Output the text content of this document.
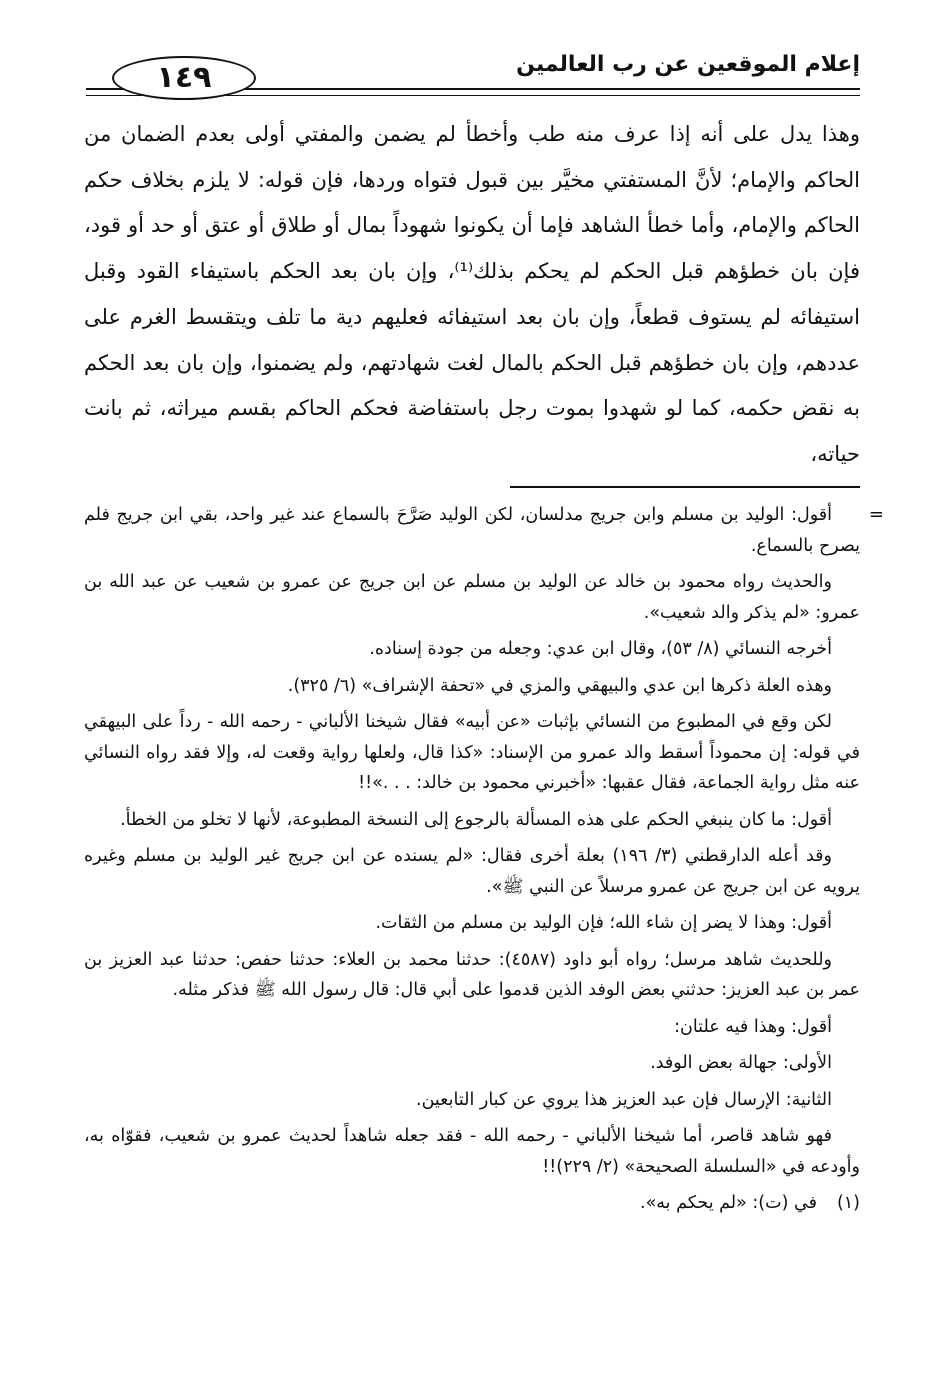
١٤٩	إعلام الموقعين عن رب العالمين

وهذا يدل على أنه إذا عرف منه طب وأخطأ لم يضمن والمفتي أولى بعدم الضمان من الحاكم والإمام؛ لأنَّ المستفتي مخيَّر بين قبول فتواه وردها، فإن قوله: لا يلزم بخلاف حكم الحاكم والإمام، وأما خطأ الشاهد فإما أن يكونوا شهوداً بمال أو طلاق أو عتق أو حد أو قود، فإن بان خطؤهم قبل الحكم لم يحكم بذلك⁽¹⁾، وإن بان بعد الحكم باستيفاء القود وقبل استيفائه لم يستوف قطعاً، وإن بان بعد استيفائه فعليهم دية ما تلف ويتقسط الغرم على عددهم، وإن بان خطؤهم قبل الحكم بالمال لغت شهادتهم، ولم يضمنوا، وإن بان بعد الحكم به نقض حكمه، كما لو شهدوا بموت رجل باستفاضة فحكم الحاكم بقسم ميراثه، ثم بانت حياته،

=

أقول: الوليد بن مسلم وابن جريج مدلسان، لكن الوليد صَرَّحَ بالسماع عند غير واحد، بقي ابن جريج فلم يصرح بالسماع.

والحديث رواه محمود بن خالد عن الوليد بن مسلم عن ابن جريج عن عمرو بن شعيب عن عبد الله بن عمرو: «لم يذكر والد شعيب».

أخرجه النسائي (٨/ ٥٣)، وقال ابن عدي: وجعله من جودة إسناده.

وهذه العلة ذكرها ابن عدي والبيهقي والمزي في «تحفة الإشراف» (٦/ ٣٢٥).

لكن وقع في المطبوع من النسائي بإثبات «عن أبيه» فقال شيخنا الألباني - رحمه الله - رداً على البيهقي في قوله: إن محموداً أسقط والد عمرو من الإسناد: «كذا قال، ولعلها رواية وقعت له، وإلا فقد رواه النسائي عنه مثل رواية الجماعة، فقال عقبها: «أخبرني محمود بن خالد: . . .»!!

أقول: ما كان ينبغي الحكم على هذه المسألة بالرجوع إلى النسخة المطبوعة، لأنها لا تخلو من الخطأ.

وقد أعله الدارقطني (٣/ ١٩٦) بعلة أخرى فقال: «لم يسنده عن ابن جريج غير الوليد بن مسلم وغيره يرويه عن ابن جريج عن عمرو مرسلاً عن النبي ﷺ».

أقول: وهذا لا يضر إن شاء الله؛ فإن الوليد بن مسلم من الثقات.

وللحديث شاهد مرسل؛ رواه أبو داود (٤٥٨٧): حدثنا محمد بن العلاء: حدثنا حفص: حدثنا عبد العزيز بن عمر بن عبد العزيز: حدثني بعض الوفد الذين قدموا على أبي قال: قال رسول الله ﷺ فذكر مثله.

أقول: وهذا فيه علتان:

الأولى: جهالة بعض الوفد.

الثانية: الإرسال فإن عبد العزيز هذا يروي عن كبار التابعين.

فهو شاهد قاصر، أما شيخنا الألباني - رحمه الله - فقد جعله شاهداً لحديث عمرو بن شعيب، فقوّاه به، وأودعه في «السلسلة الصحيحة» (٢/ ٢٢٩)!!

(١)في (ت): «لم يحكم به».
